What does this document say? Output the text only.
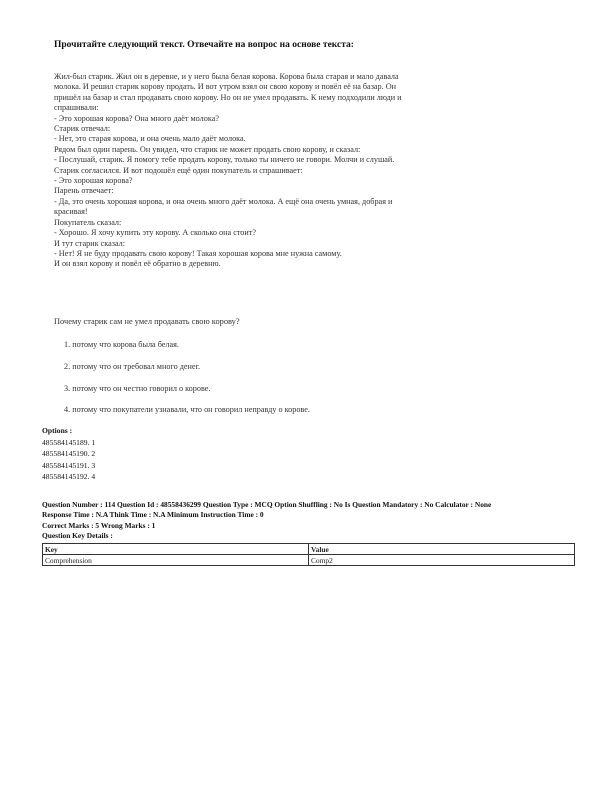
Прочитайте следующий текст. Отвечайте на вопрос на основе текста:
Жил-был старик. Жил он в деревне, и у него была белая корова. Корова была старая и мало давала
молока. И решил старик корову продать. И вот утром взял он свою корову и повёл её на базар. Он
пришёл на базар и стал продавать свою корову. Но он не умел продавать. К нему подходили люди и
спрашивали:
- Это хорошая корова? Она много даёт молока?
Старик отвечал:
- Нет, это старая корова, и она очень мало даёт молока.
Рядом был один парень. Он увидел, что старик не может продать свою корову, и сказал:
- Послушай, старик. Я помогу тебе продать корову, только ты ничего не говори. Молчи и слушай.
Старик согласился. И вот подошёл ещё один покупатель и спрашивает:
- Это хорошая корова?
Парень отвечает:
- Да, это очень хорошая корова, и она очень много даёт молока. А ещё она очень умная, добрая и
красивая!
Покупатель сказал:
- Хорошо. Я хочу купить эту корову. А сколько она стоит?
И тут старик сказал:
- Нет! Я не буду продавать свою корову! Такая хорошая корова мне нужна самому.
И он взял корову и повёл её обратно в деревню.
Почему старик сам не умел продавать свою корову?
1. потому что корова была белая.
2. потому что он требовал много денег.
3. потому что он честно говорил о корове.
4. потому что покупатели узнавали, что он говорил неправду о корове.
Options :
485584145189. 1
485584145190. 2
485584145191. 3
485584145192. 4
Question Number : 114 Question Id : 48558436299 Question Type : MCQ Option Shuffling : No Is Question Mandatory : No Calculator : None
Response Time : N.A Think Time : N.A Minimum Instruction Time : 0
Correct Marks : 5 Wrong Marks : 1
Question Key Details :
Key	Value
Comprehension	Comp2
